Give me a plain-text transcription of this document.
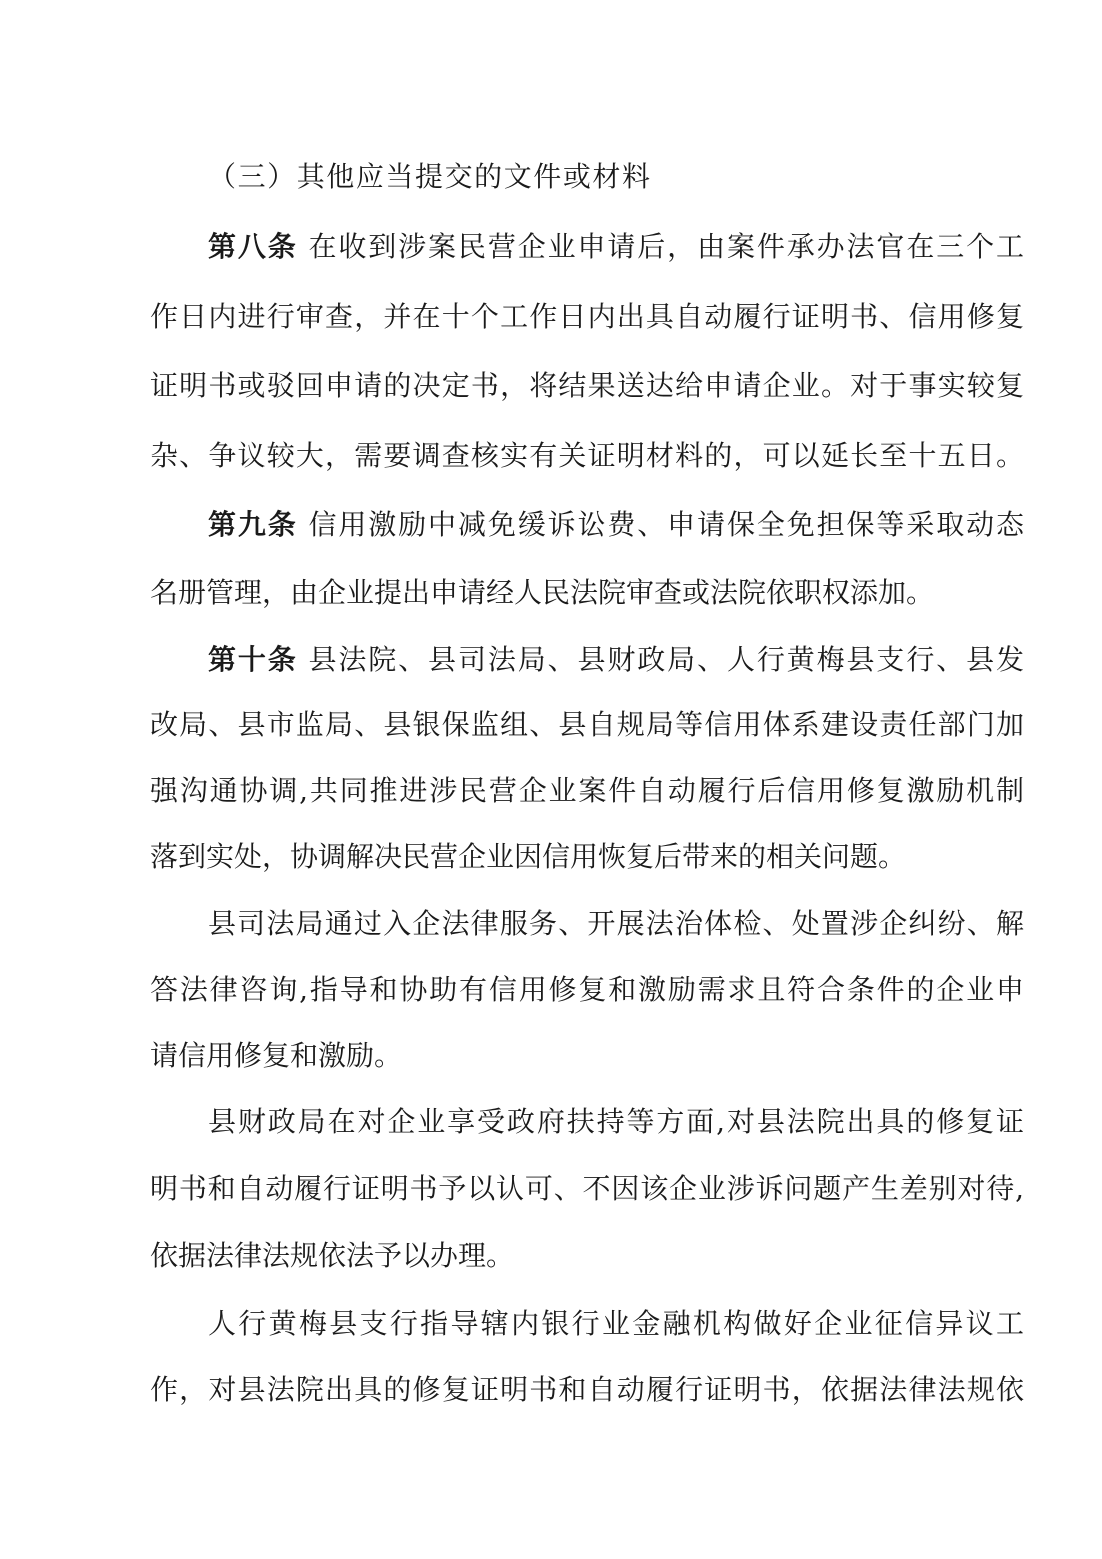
（三）其他应当提交的文件或材料
第八条 在收到涉案民营企业申请后，由案件承办法官在三个工
作日内进行审查，并在十个工作日内出具自动履行证明书、信用修复
证明书或驳回申请的决定书，将结果送达给申请企业。对于事实较复
杂、争议较大，需要调查核实有关证明材料的，可以延长至十五日。
第九条 信用激励中减免缓诉讼费、申请保全免担保等采取动态
名册管理，由企业提出申请经人民法院审查或法院依职权添加。
第十条 县法院、县司法局、县财政局、人行黄梅县支行、县发
改局、县市监局、县银保监组、县自规局等信用体系建设责任部门加
强沟通协调,共同推进涉民营企业案件自动履行后信用修复激励机制
落到实处，协调解决民营企业因信用恢复后带来的相关问题。
县司法局通过入企法律服务、开展法治体检、处置涉企纠纷、解
答法律咨询,指导和协助有信用修复和激励需求且符合条件的企业申
请信用修复和激励。
县财政局在对企业享受政府扶持等方面,对县法院出具的修复证
明书和自动履行证明书予以认可、不因该企业涉诉问题产生差别对待,
依据法律法规依法予以办理。
人行黄梅县支行指导辖内银行业金融机构做好企业征信异议工
作，对县法院出具的修复证明书和自动履行证明书，依据法律法规依
